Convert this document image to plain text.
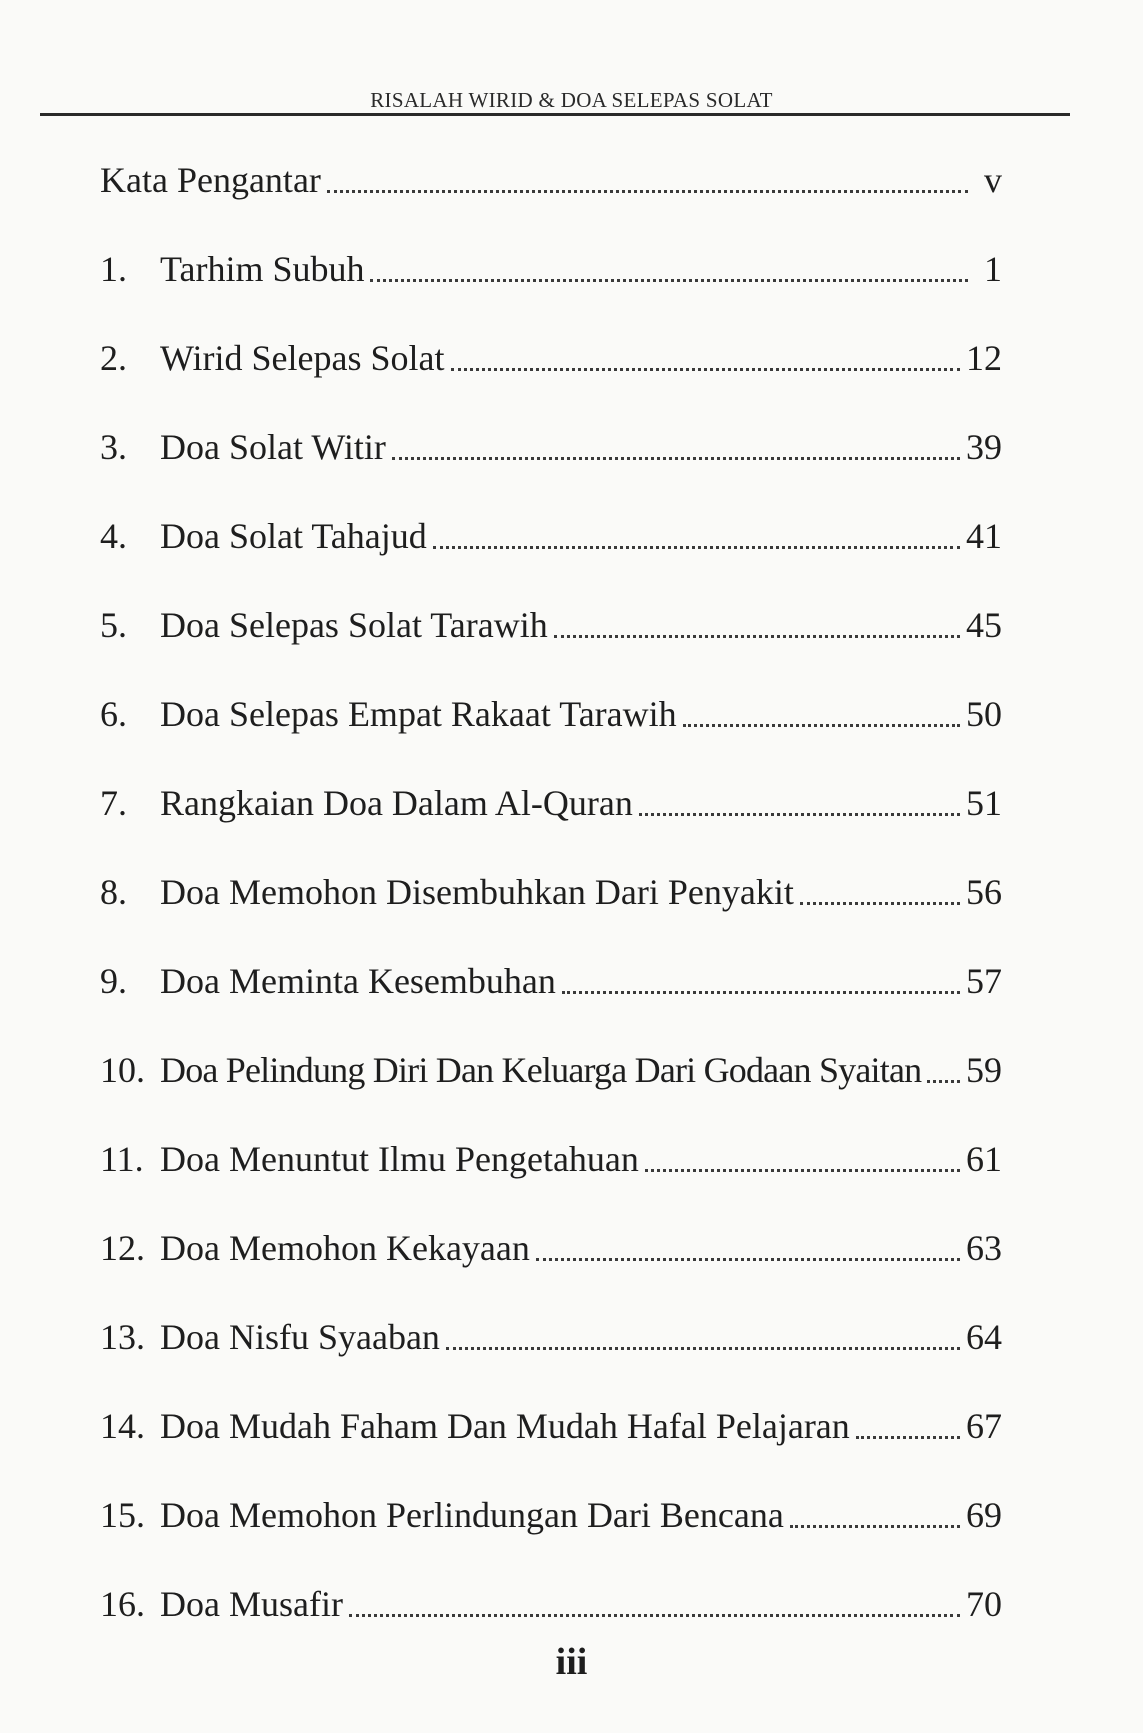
RISALAH WIRID & DOA SELEPAS SOLAT
Kata Pengantar	v
1. Tarhim Subuh	1
2. Wirid Selepas Solat	12
3. Doa Solat Witir	39
4. Doa Solat Tahajud	41
5. Doa Selepas Solat Tarawih	45
6. Doa Selepas Empat Rakaat Tarawih	50
7. Rangkaian Doa Dalam Al-Quran	51
8. Doa Memohon Disembuhkan Dari Penyakit	56
9. Doa Meminta Kesembuhan	57
10. Doa Pelindung Diri Dan Keluarga Dari Godaan Syaitan 59
11. Doa Menuntut Ilmu Pengetahuan	61
12. Doa Memohon Kekayaan	63
13. Doa Nisfu Syaaban	64
14. Doa Mudah Faham Dan Mudah Hafal Pelajaran	67
15. Doa Memohon Perlindungan Dari Bencana	69
16. Doa Musafir	70
iii
